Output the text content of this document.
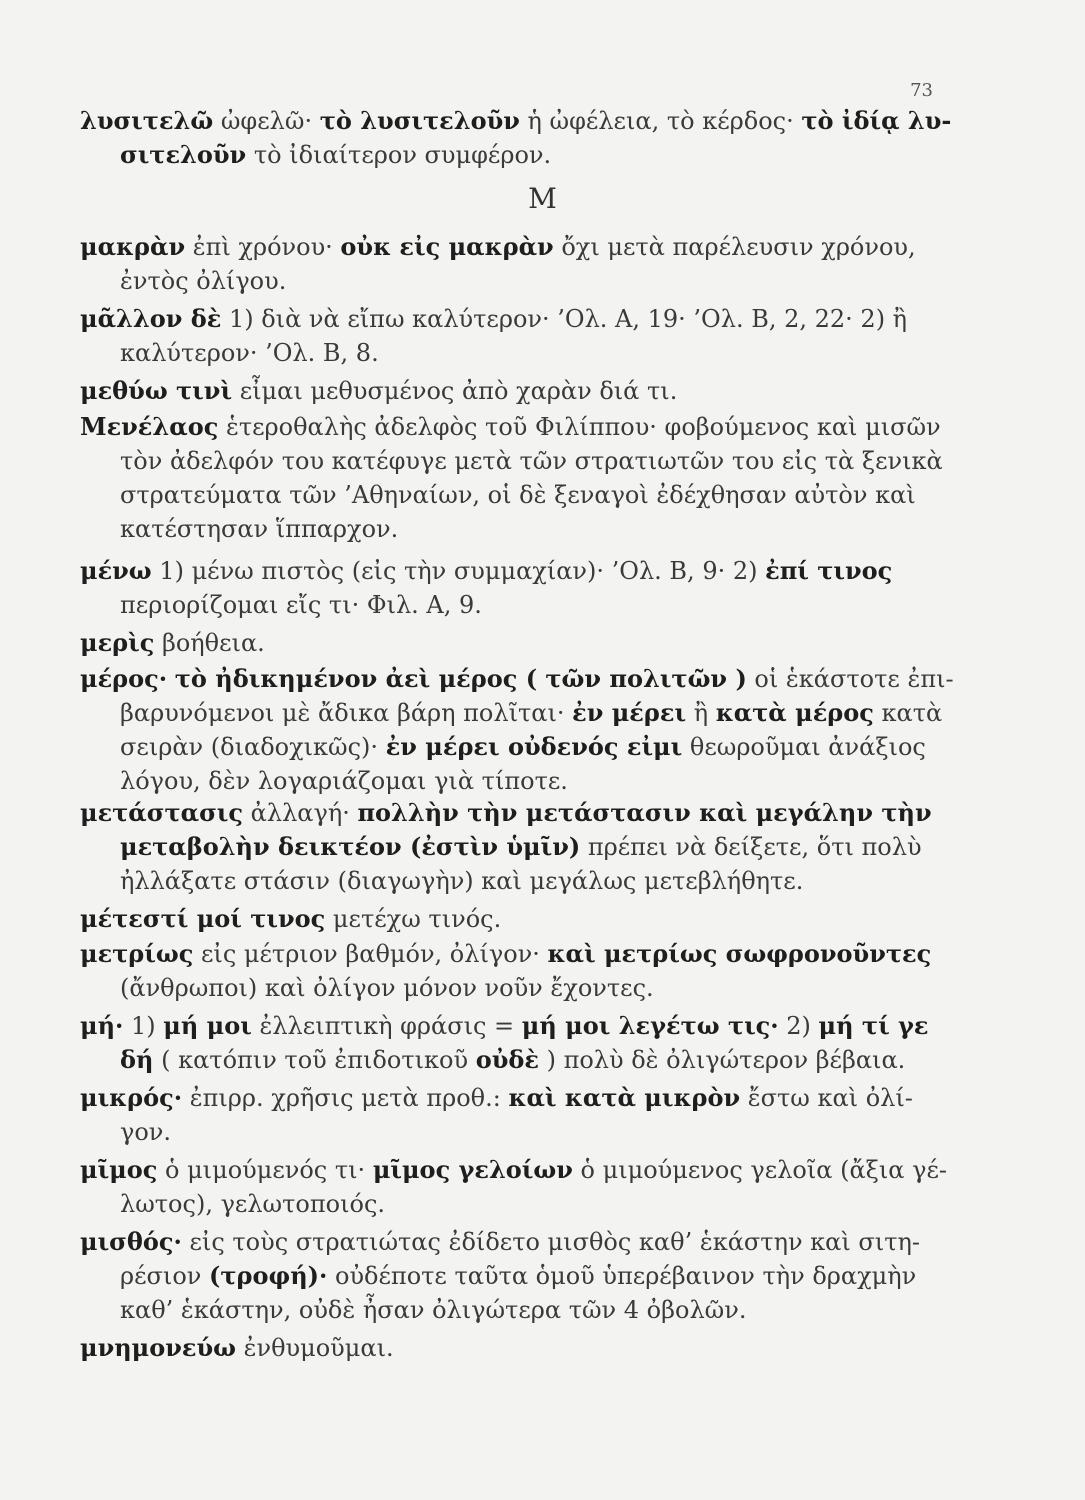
73
λυσιτελῶ ὠφελῶ· τὸ λυσιτελοῦν ἡ ὠφέλεια, τὸ κέρδος· τὸ ἰδίᾳ λυ-
σιτελοῦν τὸ ἰδιαίτερον συμφέρον.
M
μακρὰν ἐπὶ χρόνου· οὐκ εἰς μακρὰν ὄχι μετὰ παρέλευσιν χρόνου,
ἐντὸς ὀλίγου.
μᾶλλον δὲ 1) διὰ νὰ εἴπω καλύτερον· ’Ολ. Α, 19· ’Ολ. Β, 2, 22· 2) ἢ
καλύτερον· ’Ολ. Β, 8.
μεθύω τινὶ εἶμαι μεθυσμένος ἀπὸ χαρὰν διά τι.
Μενέλαος ἑτεροθαλὴς ἀδελφὸς τοῦ Φιλίππου· φοβούμενος καὶ μισῶν
τὸν ἀδελφόν του κατέφυγε μετὰ τῶν στρατιωτῶν του εἰς τὰ ξενικὰ
στρατεύματα τῶν ’Αθηναίων, οἱ δὲ ξεναγοὶ ἐδέχθησαν αὐτὸν καὶ
κατέστησαν ἵππαρχον.
μένω 1) μένω πιστὸς (εἰς τὴν συμμαχίαν)· ’Ολ. Β, 9· 2) ἐπί τινος
περιορίζομαι εἴς τι· Φιλ. Α, 9.
μερὶς βοήθεια.
μέρος· τὸ ἠδικημένον ἀεὶ μέρος ( τῶν πολιτῶν ) οἱ ἑκάστοτε ἐπι-
βαρυνόμενοι μὲ ἄδικα βάρη πολῖται· ἐν μέρει ἢ κατὰ μέρος κατὰ
σειρὰν (διαδοχικῶς)· ἐν μέρει οὐδενός εἰμι θεωροῦμαι ἀνάξιος
λόγου, δὲν λογαριάζομαι γιὰ τίποτε.
μετάστασις ἀλλαγή· πολλὴν τὴν μετάστασιν καὶ μεγάλην τὴν
μεταβολὴν δεικτέον (ἐστὶν ὑμῖν) πρέπει νὰ δείξετε, ὅτι πολὺ
ἠλλάξατε στάσιν (διαγωγὴν) καὶ μεγάλως μετεβλήθητε.
μέτεστί μοί τινος μετέχω τινός.
μετρίως εἰς μέτριον βαθμόν, ὀλίγον· καὶ μετρίως σωφρονοῦντες
(ἄνθρωποι) καὶ ὀλίγον μόνον νοῦν ἔχοντες.
μή· 1) μή μοι ἐλλειπτικὴ φράσις = μή μοι λεγέτω τις· 2) μή τί γε
δή ( κατόπιν τοῦ ἐπιδοτικοῦ οὐδὲ ) πολὺ δὲ ὀλιγώτερον βέβαια.
μικρός· ἐπιρρ. χρῆσις μετὰ προθ.: καὶ κατὰ μικρὸν ἔστω καὶ ὀλί-
γον.
μῖμος ὁ μιμούμενός τι· μῖμος γελοίων ὁ μιμούμενος γελοῖα (ἄξια γέ-
λωτος), γελωτοποιός.
μισθός· εἰς τοὺς στρατιώτας ἐδίδετο μισθὸς καθ’ ἑκάστην καὶ σιτη-
ρέσιον (τροφή)· οὐδέποτε ταῦτα ὁμοῦ ὑπερέβαινον τὴν δραχμὴν
καθ’ ἑκάστην, οὐδὲ ἦσαν ὀλιγώτερα τῶν 4 ὀβολῶν.
μνημονεύω ἐνθυμοῦμαι.
